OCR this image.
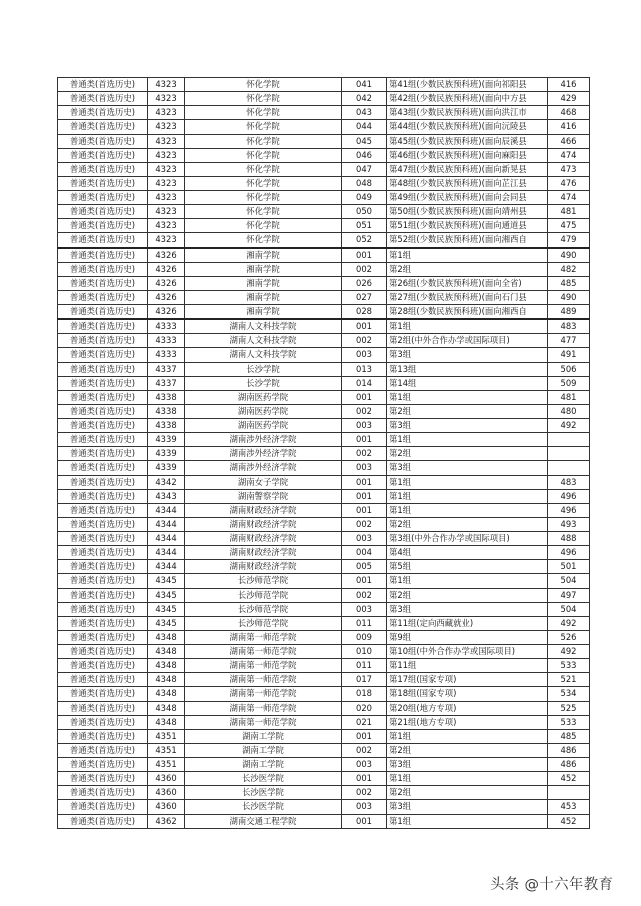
普通类(首选历史)	4323	怀化学院	041	第41组(少数民族预科班)(面向祁阳县	416
普通类(首选历史)	4323	怀化学院	042	第42组(少数民族预科班)(面向中方县	429
普通类(首选历史)	4323	怀化学院	043	第43组(少数民族预科班)(面向洪江市	468
普通类(首选历史)	4323	怀化学院	044	第44组(少数民族预科班)(面向沅陵县	416
普通类(首选历史)	4323	怀化学院	045	第45组(少数民族预科班)(面向辰溪县	466
普通类(首选历史)	4323	怀化学院	046	第46组(少数民族预科班)(面向麻阳县	474
普通类(首选历史)	4323	怀化学院	047	第47组(少数民族预科班)(面向新晃县	473
普通类(首选历史)	4323	怀化学院	048	第48组(少数民族预科班)(面向芷江县	476
普通类(首选历史)	4323	怀化学院	049	第49组(少数民族预科班)(面向会同县	474
普通类(首选历史)	4323	怀化学院	050	第50组(少数民族预科班)(面向靖州县	481
普通类(首选历史)	4323	怀化学院	051	第51组(少数民族预科班)(面向通道县	475
普通类(首选历史)	4323	怀化学院	052	第52组(少数民族预科班)(面向湘西自	479
普通类(首选历史)	4326	湘南学院	001	第1组	490
普通类(首选历史)	4326	湘南学院	002	第2组	482
普通类(首选历史)	4326	湘南学院	026	第26组(少数民族预科班)(面向全省)	485
普通类(首选历史)	4326	湘南学院	027	第27组(少数民族预科班)(面向石门县	490
普通类(首选历史)	4326	湘南学院	028	第28组(少数民族预科班)(面向湘西自	489
普通类(首选历史)	4333	湖南人文科技学院	001	第1组	483
普通类(首选历史)	4333	湖南人文科技学院	002	第2组(中外合作办学或国际项目)	477
普通类(首选历史)	4333	湖南人文科技学院	003	第3组	491
普通类(首选历史)	4337	长沙学院	013	第13组	506
普通类(首选历史)	4337	长沙学院	014	第14组	509
普通类(首选历史)	4338	湖南医药学院	001	第1组	481
普通类(首选历史)	4338	湖南医药学院	002	第2组	480
普通类(首选历史)	4338	湖南医药学院	003	第3组	492
普通类(首选历史)	4339	湖南涉外经济学院	001	第1组	
普通类(首选历史)	4339	湖南涉外经济学院	002	第2组	
普通类(首选历史)	4339	湖南涉外经济学院	003	第3组	
普通类(首选历史)	4342	湖南女子学院	001	第1组	483
普通类(首选历史)	4343	湖南警察学院	001	第1组	496
普通类(首选历史)	4344	湖南财政经济学院	001	第1组	496
普通类(首选历史)	4344	湖南财政经济学院	002	第2组	493
普通类(首选历史)	4344	湖南财政经济学院	003	第3组(中外合作办学或国际项目)	488
普通类(首选历史)	4344	湖南财政经济学院	004	第4组	496
普通类(首选历史)	4344	湖南财政经济学院	005	第5组	501
普通类(首选历史)	4345	长沙师范学院	001	第1组	504
普通类(首选历史)	4345	长沙师范学院	002	第2组	497
普通类(首选历史)	4345	长沙师范学院	003	第3组	504
普通类(首选历史)	4345	长沙师范学院	011	第11组(定向西藏就业)	492
普通类(首选历史)	4348	湖南第一师范学院	009	第9组	526
普通类(首选历史)	4348	湖南第一师范学院	010	第10组(中外合作办学或国际项目)	492
普通类(首选历史)	4348	湖南第一师范学院	011	第11组	533
普通类(首选历史)	4348	湖南第一师范学院	017	第17组(国家专项)	521
普通类(首选历史)	4348	湖南第一师范学院	018	第18组(国家专项)	534
普通类(首选历史)	4348	湖南第一师范学院	020	第20组(地方专项)	525
普通类(首选历史)	4348	湖南第一师范学院	021	第21组(地方专项)	533
普通类(首选历史)	4351	湖南工学院	001	第1组	485
普通类(首选历史)	4351	湖南工学院	002	第2组	486
普通类(首选历史)	4351	湖南工学院	003	第3组	486
普通类(首选历史)	4360	长沙医学院	001	第1组	452
普通类(首选历史)	4360	长沙医学院	002	第2组	
普通类(首选历史)	4360	长沙医学院	003	第3组	453
普通类(首选历史)	4362	湖南交通工程学院	001	第1组	452
头条 @十六年教育
